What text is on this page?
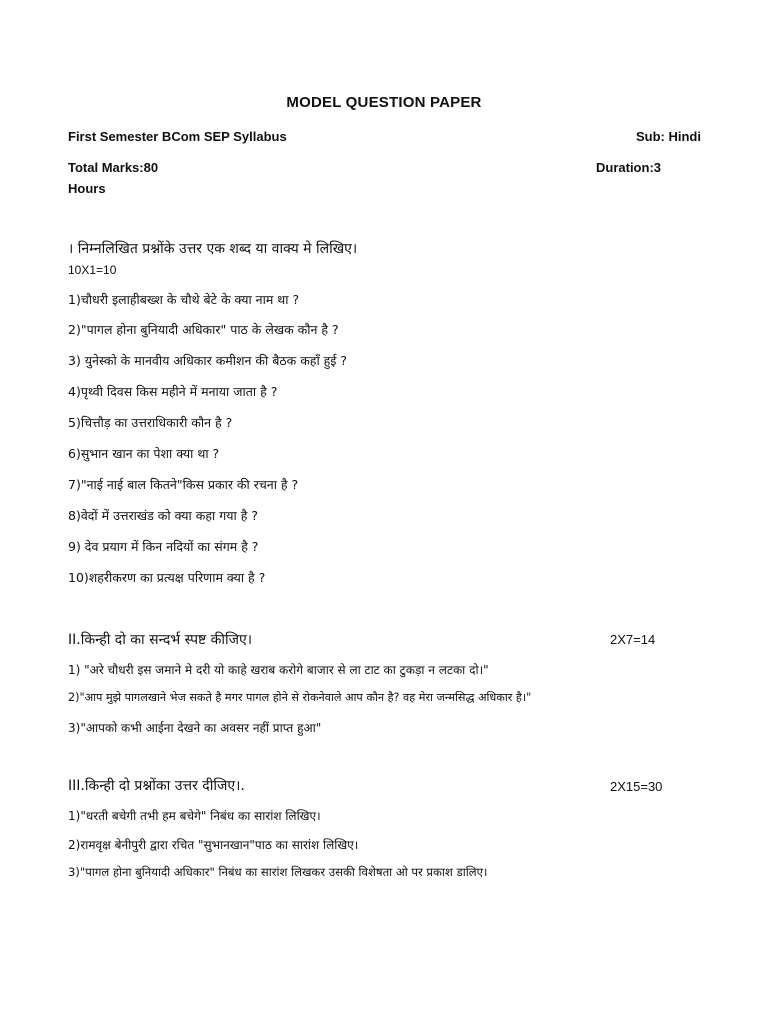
MODEL QUESTION PAPER
First Semester BCom SEP Syllabus	Sub: Hindi
Total Marks:80	Duration:3
Hours
। निम्नलिखित प्रश्नोंके उत्तर एक शब्द या वाक्य मे लिखिए।
10X1=10
1)चौधरी इलाहीबख्श के चौथे बेटे के क्या नाम था ?
2)"पागल होना बुनियादी अधिकार" पाठ के लेखक कौन है ?
3) युनेस्को के मानवीय अधिकार कमीशन की बैठक कहाँ हुई ?
4)पृथ्वी दिवस किस महीने में मनाया जाता है ?
5)चित्तौड़ का उत्तराधिकारी कौन है ?
6)सुभान खान का पेशा क्या था ?
7)"नाई नाई बाल कितने"किस प्रकार की रचना है ?
8)वेदों में उत्तराखंड को क्या कहा गया है ?
9) देव प्रयाग में किन नदियों का संगम है ?
10)शहरीकरण का प्रत्यक्ष परिणाम क्या है ?
II.किन्ही दो का सन्दर्भ स्पष्ट कीजिए।	2X7=14
1) "अरे चौधरी इस जमाने मे दरी यो काहे खराब करोगे बाजार से ला टाट का टुकड़ा न लटका दो।"
2)"आप मुझे पागलखाने भेज सकते है मगर पागल होने से रोकनेवाले आप कौन है? वह मेरा जन्मसिद्ध अधिकार है।"
3)"आपको कभी आईना देखने का अवसर नहीं प्राप्त हुआ"
III.किन्ही दो प्रश्नोंका उत्तर दीजिए।.	2X15=30
1)"धरती बचेगी तभी हम बचेगे" निबंध का सारांश लिखिए।
2)रामवृक्ष बेनीपुरी द्वारा रचित "सुभानखान"पाठ का सारांश लिखिए।
3)"पागल होना बुनियादी अधिकार" निबंध का सारांश लिखकर उसकी विशेषता ओ पर प्रकाश डालिए।
